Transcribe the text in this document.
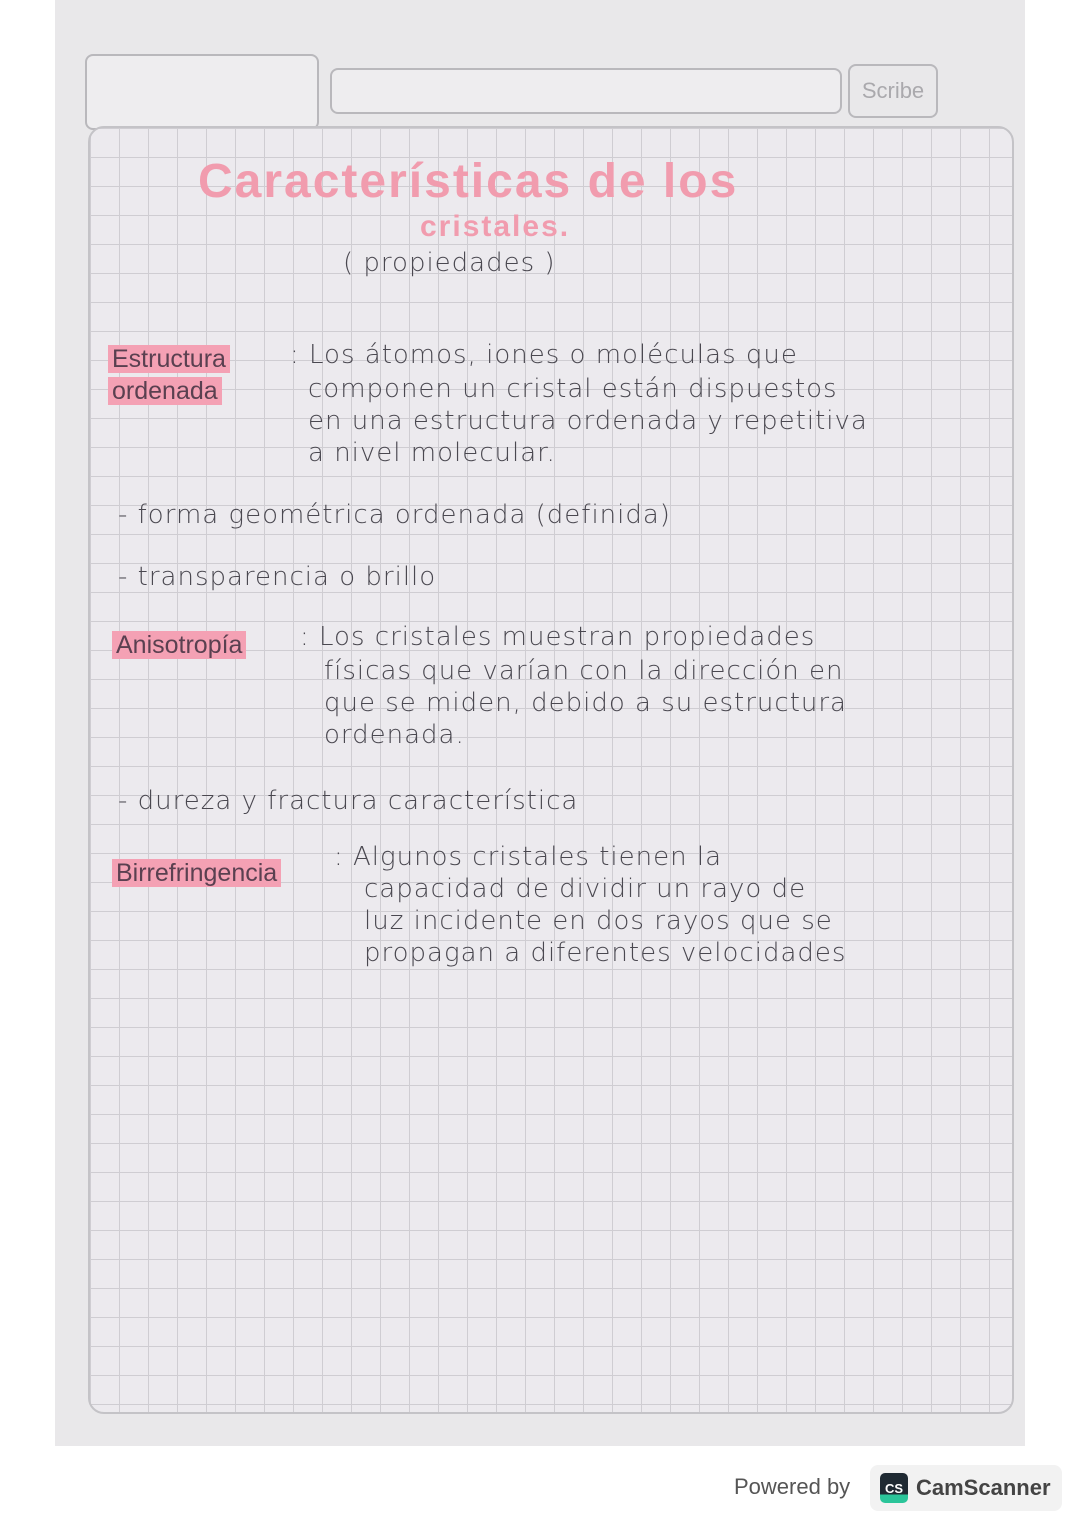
Scribe
Características de los
cristales.
( propiedades )
Estructura
ordenada
: Los átomos, iones o moléculas que
componen un cristal están dispuestos
en una estructura ordenada y repetitiva
a nivel molecular.
- forma geométrica ordenada (definida)
- transparencia o brillo
Anisotropía : Los cristales muestran propiedades
físicas que varían con la dirección en
que se miden, debido a su estructura
ordenada.
- dureza y fractura característica
Birrefringencia
: Algunos cristales tienen la
capacidad de dividir un rayo de
luz incidente en dos rayos que se
propagan a diferentes velocidades
Powered by	CS CamScanner
